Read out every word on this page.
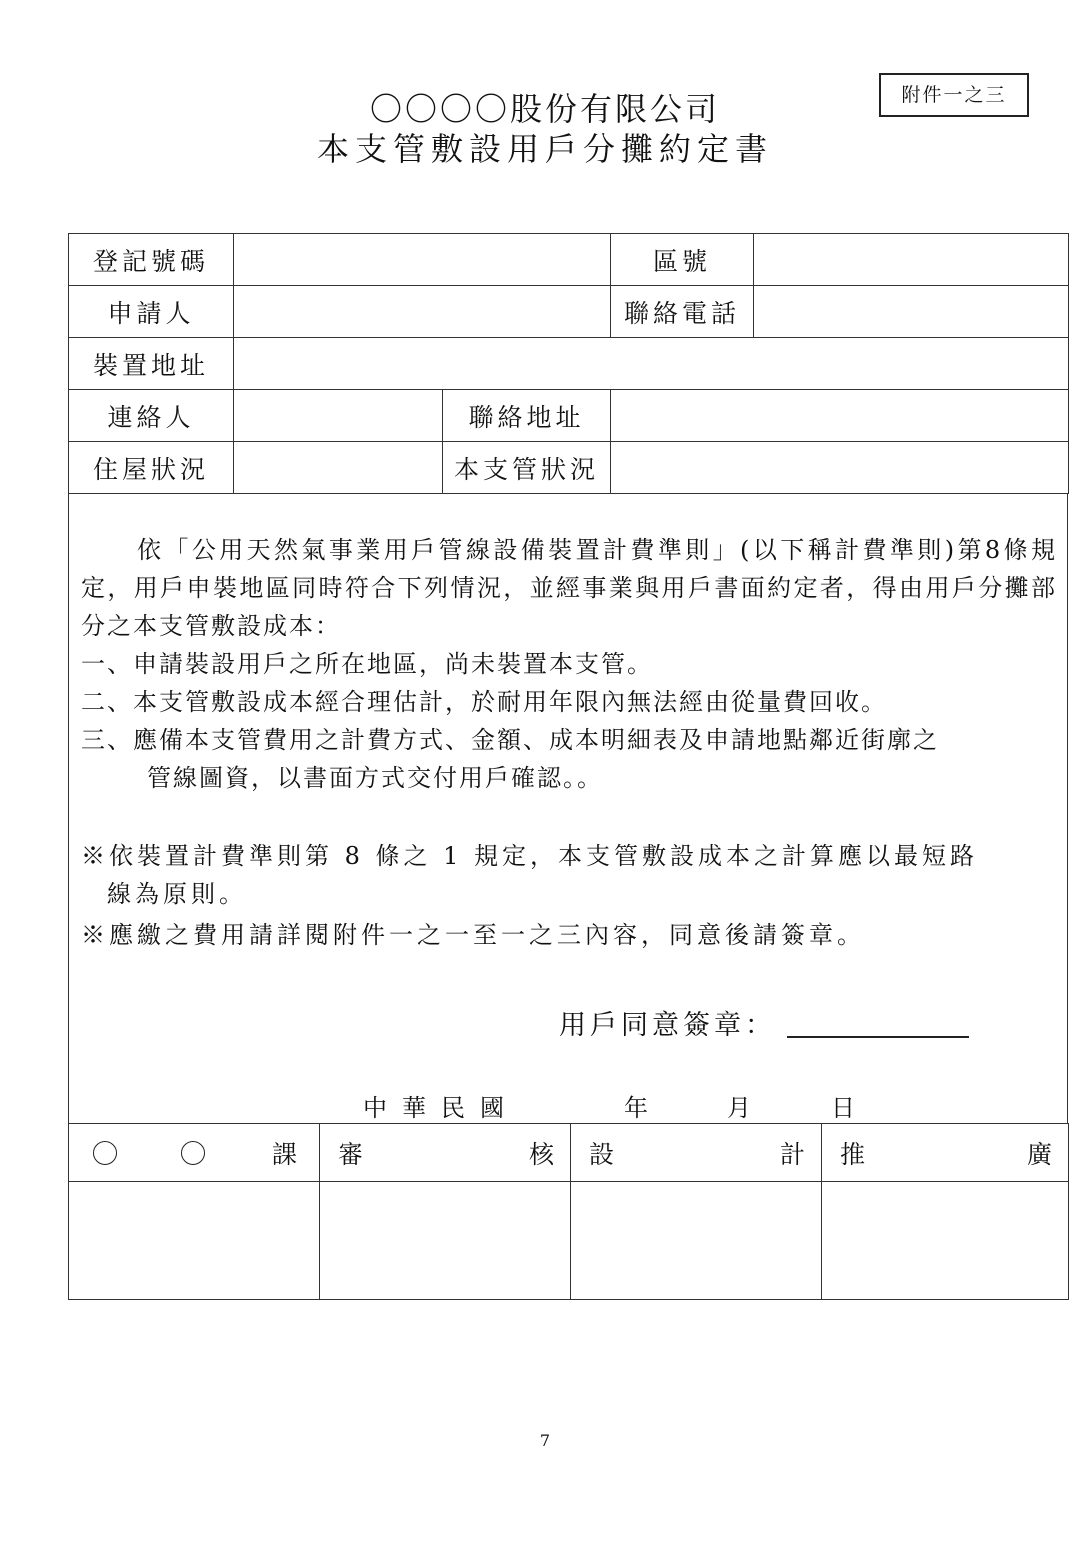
附件一之三
〇〇〇〇股份有限公司
本支管敷設用戶分攤約定書
登記號碼			區號	
申請人			聯絡電話	
裝置地址				
連絡人		聯絡地址		
住屋狀況		本支管狀況		
依「公用天然氣事業用戶管線設備裝置計費準則」(以下稱計費準則)第8條規定，用戶申裝地區同時符合下列情況，並經事業與用戶書面約定者，得由用戶分攤部分之本支管敷設成本：
一、申請裝設用戶之所在地區，尚未裝置本支管。
二、本支管敷設成本經合理估計，於耐用年限內無法經由從量費回收。
三、應備本支管費用之計費方式、金額、成本明細表及申請地點鄰近街廓之
管線圖資，以書面方式交付用戶確認。。
※依裝置計費準則第 8 條之 1 規定，本支管敷設成本之計算應以最短路
線為原則。
※應繳之費用請詳閱附件一之一至一之三內容，同意後請簽章。
用戶同意簽章：
中華民國	年	月	日
課	審 核	設 計	推 廣

7
